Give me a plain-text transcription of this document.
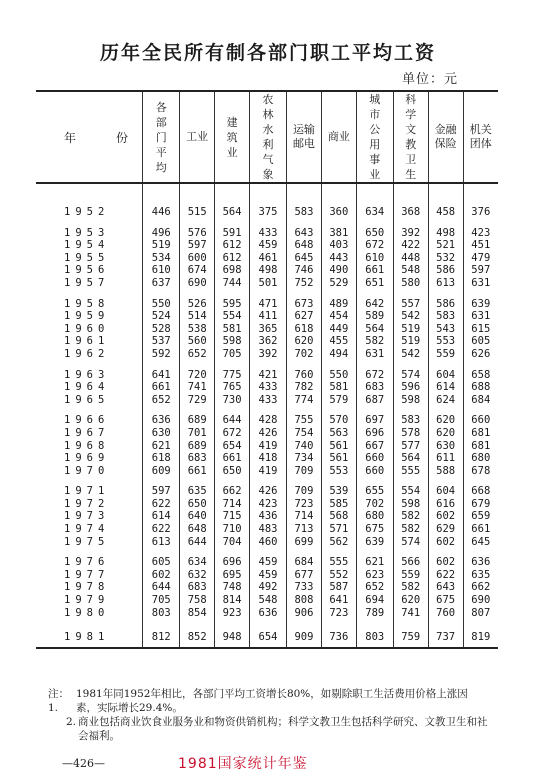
历年全民所有制各部门职工平均工资
单位：元
年 份	各部门平均	工业	建筑业	农林水利气象	运输邮电	商业	城市公用事业	科学文教卫生	金融保险	机关团体

1952	446	515	564	375	583	360	634	368	458	376

1953	496	576	591	433	643	381	650	392	498	423
1954	519	597	612	459	648	403	672	422	521	451
1955	534	600	612	461	645	443	610	448	532	479
1956	610	674	698	498	746	490	661	548	586	597
1957	637	690	744	501	752	529	651	580	613	631

1958	550	526	595	471	673	489	642	557	586	639
1959	524	514	554	411	627	454	589	542	583	631
1960	528	538	581	365	618	449	564	519	543	615
1961	537	560	598	362	620	455	582	519	553	605
1962	592	652	705	392	702	494	631	542	559	626

1963	641	720	775	421	760	550	672	574	604	658
1964	661	741	765	433	782	581	683	596	614	688
1965	652	729	730	433	774	579	687	598	624	684

1966	636	689	644	428	755	570	697	583	620	660
1967	630	701	672	426	754	563	696	578	620	681
1968	621	689	654	419	740	561	667	577	630	681
1969	618	683	661	418	734	561	660	564	611	680
1970	609	661	650	419	709	553	660	555	588	678

1971	597	635	662	426	709	539	655	554	604	668
1972	622	650	714	423	723	585	702	598	616	679
1973	614	640	715	436	714	568	680	582	602	659
1974	622	648	710	483	713	571	675	582	629	661
1975	613	644	704	460	699	562	639	574	602	645

1976	605	634	696	459	684	555	621	566	602	636
1977	602	632	695	459	677	552	623	559	622	635
1978	644	683	748	492	733	587	652	582	643	662
1979	705	758	814	548	808	641	694	620	675	690
1980	803	854	923	636	906	723	789	741	760	807

1981	812	852	948	654	909	736	803	759	737	819
注：1.
1981年同1952年相比，各部门平均工资增长80%，如剔除职工生活费用价格上涨因素，实际增长29.4%。
2. 商业包括商业饮食业服务业和物资供销机构；科学文教卫生包括科学研究、文教卫生和社会福利。
—426—	1981国家统计年鉴
